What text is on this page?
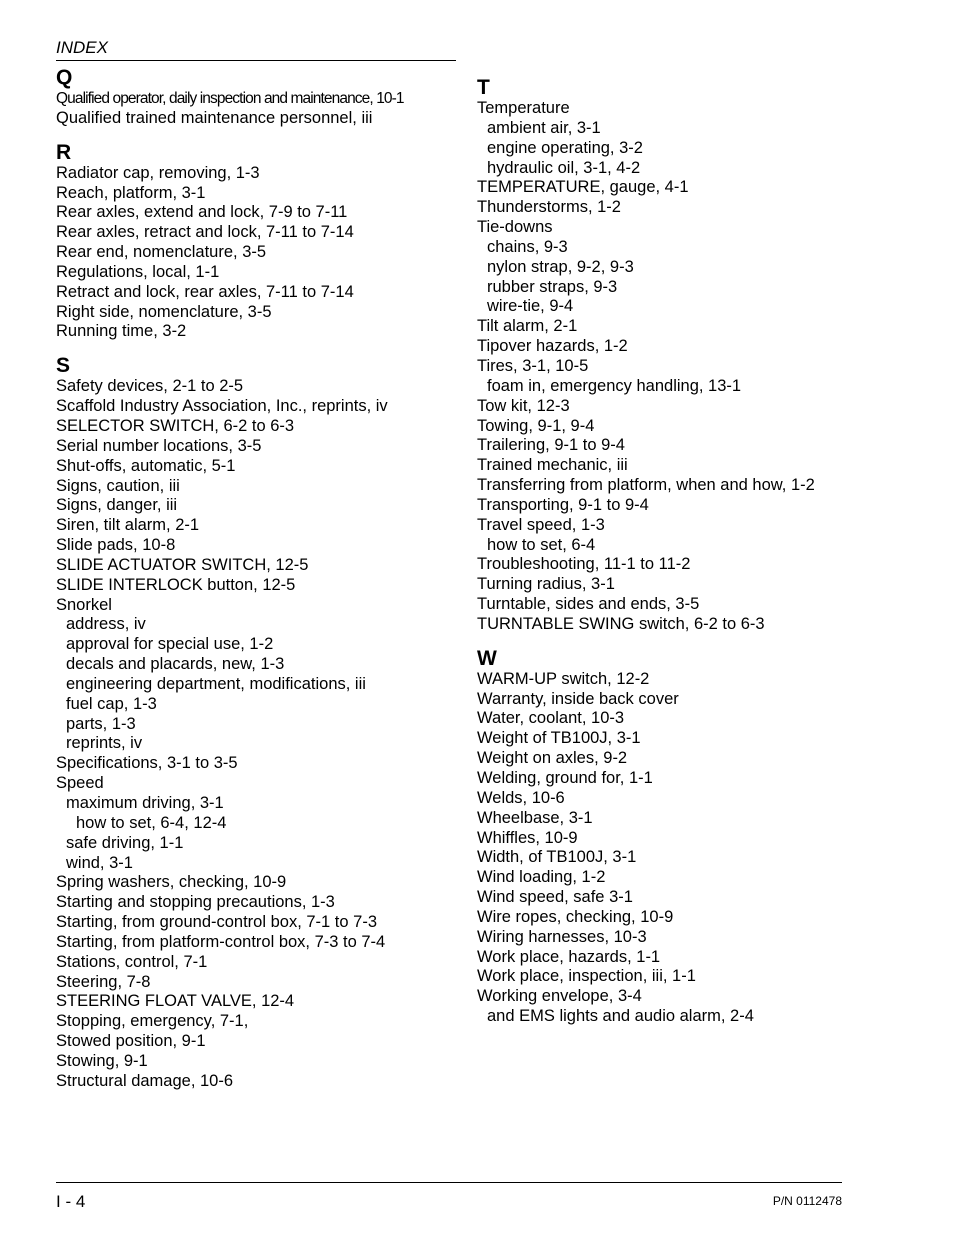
INDEX
Q
Qualified operator, daily inspection and maintenance, 10-1
Qualified trained maintenance personnel, iii
R
Radiator cap, removing, 1-3
Reach, platform, 3-1
Rear axles, extend and lock, 7-9 to 7-11
Rear axles, retract and lock, 7-11 to 7-14
Rear end, nomenclature, 3-5
Regulations, local, 1-1
Retract and lock, rear axles, 7-11 to 7-14
Right side, nomenclature, 3-5
Running time, 3-2
S
Safety devices, 2-1 to 2-5
Scaffold Industry Association, Inc., reprints, iv
SELECTOR SWITCH, 6-2 to 6-3
Serial number locations, 3-5
Shut-offs, automatic, 5-1
Signs, caution, iii
Signs, danger, iii
Siren, tilt alarm, 2-1
Slide pads, 10-8
SLIDE ACTUATOR SWITCH, 12-5
SLIDE INTERLOCK button, 12-5
Snorkel
address, iv
approval for special use, 1-2
decals and placards, new, 1-3
engineering department, modifications, iii
fuel cap, 1-3
parts, 1-3
reprints, iv
Specifications, 3-1 to 3-5
Speed
maximum driving, 3-1
how to set, 6-4, 12-4
safe driving, 1-1
wind, 3-1
Spring washers, checking, 10-9
Starting and stopping precautions, 1-3
Starting, from ground-control box, 7-1 to 7-3
Starting, from platform-control box, 7-3 to 7-4
Stations, control, 7-1
Steering, 7-8
STEERING FLOAT VALVE, 12-4
Stopping, emergency, 7-1,
Stowed position, 9-1
Stowing, 9-1
Structural damage, 10-6
T
Temperature
ambient air, 3-1
engine operating, 3-2
hydraulic oil, 3-1, 4-2
TEMPERATURE, gauge, 4-1
Thunderstorms, 1-2
Tie-downs
chains, 9-3
nylon strap, 9-2, 9-3
rubber straps, 9-3
wire-tie, 9-4
Tilt alarm, 2-1
Tipover hazards, 1-2
Tires, 3-1, 10-5
foam in, emergency handling, 13-1
Tow kit, 12-3
Towing, 9-1, 9-4
Trailering, 9-1 to 9-4
Trained mechanic, iii
Transferring from platform, when and how, 1-2
Transporting, 9-1 to 9-4
Travel speed, 1-3
how to set, 6-4
Troubleshooting, 11-1 to 11-2
Turning radius, 3-1
Turntable, sides and ends, 3-5
TURNTABLE SWING switch, 6-2 to 6-3
W
WARM-UP switch, 12-2
Warranty, inside back cover
Water, coolant, 10-3
Weight of TB100J, 3-1
Weight on axles, 9-2
Welding, ground for, 1-1
Welds, 10-6
Wheelbase, 3-1
Whiffles, 10-9
Width, of TB100J, 3-1
Wind loading, 1-2
Wind speed, safe 3-1
Wire ropes, checking, 10-9
Wiring harnesses, 10-3
Work place, hazards, 1-1
Work place, inspection, iii, 1-1
Working envelope, 3-4
and EMS lights and audio alarm, 2-4
I - 4	P/N 0112478
